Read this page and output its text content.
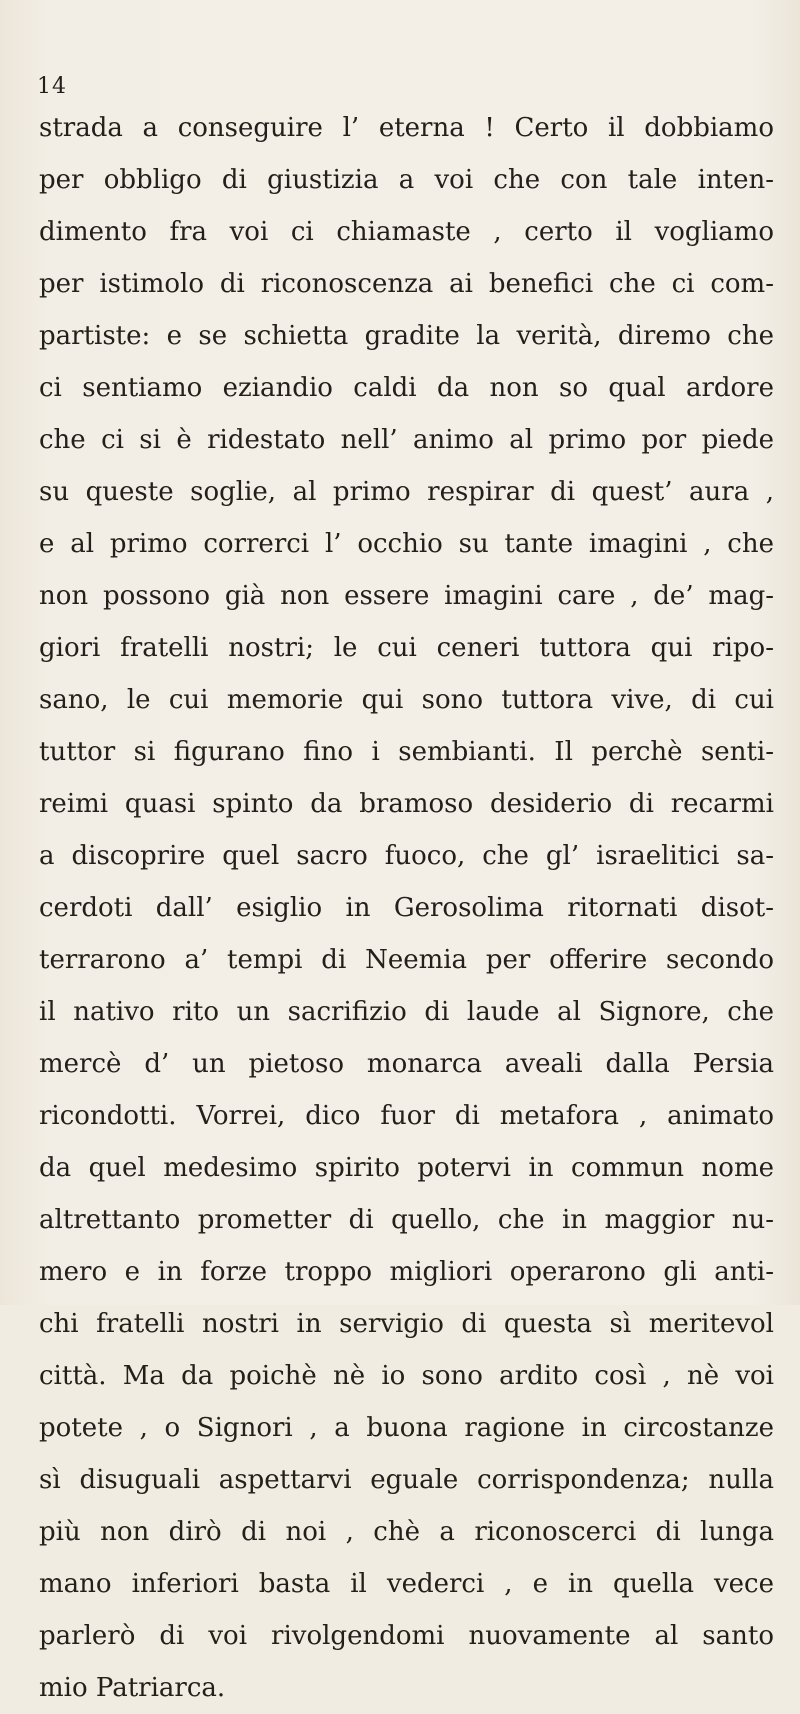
14
strada a conseguire l’ eterna ! Certo il dobbiamo
per obbligo di giustizia a voi che con tale inten-
dimento fra voi ci chiamaste , certo il vogliamo
per istimolo di riconoscenza ai benefici che ci com-
partiste: e se schietta gradite la verità, diremo che
ci sentiamo eziandio caldi da non so qual ardore
che ci si è ridestato nell’ animo al primo por piede
su queste soglie, al primo respirar di quest’ aura ,
e al primo correrci l’ occhio su tante imagini , che
non possono già non essere imagini care , de’ mag-
giori fratelli nostri; le cui ceneri tuttora qui ripo-
sano, le cui memorie qui sono tuttora vive, di cui
tuttor si figurano fino i sembianti. Il perchè senti-
reimi quasi spinto da bramoso desiderio di recarmi
a discoprire quel sacro fuoco, che gl’ israelitici sa-
cerdoti dall’ esiglio in Gerosolima ritornati disot-
terrarono a’ tempi di Neemia per offerire secondo
il nativo rito un sacrifizio di laude al Signore, che
mercè d’ un pietoso monarca aveali dalla Persia
ricondotti. Vorrei, dico fuor di metafora , animato
da quel medesimo spirito potervi in commun nome
altrettanto prometter di quello, che in maggior nu-
mero e in forze troppo migliori operarono gli anti-
chi fratelli nostri in servigio di questa sì meritevol
città. Ma da poichè nè io sono ardito così , nè voi
potete , o Signori , a buona ragione in circostanze
sì disuguali aspettarvi eguale corrispondenza; nulla
più non dirò di noi , chè a riconoscerci di lunga
mano inferiori basta il vederci , e in quella vece
parlerò di voi rivolgendomi nuovamente al santo
mio Patriarca.
